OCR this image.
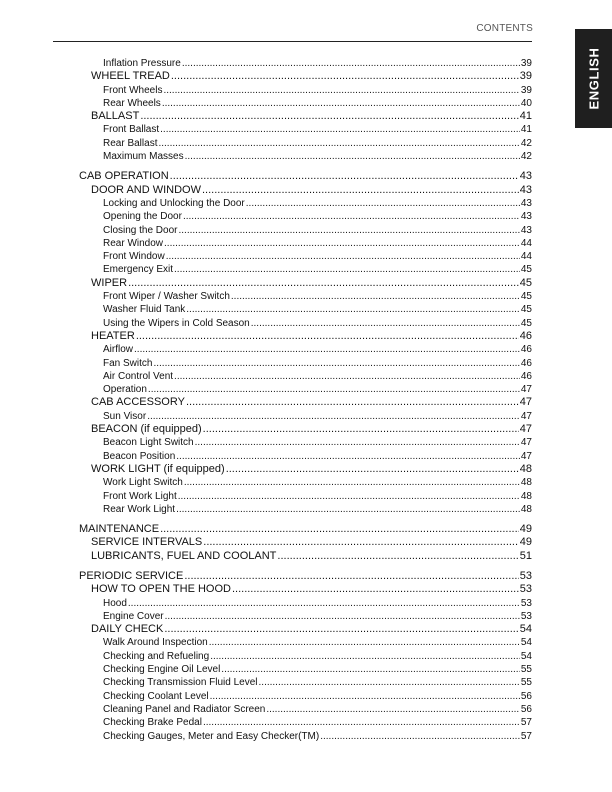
CONTENTS
ENGLISH
Inflation Pressure .....	39
WHEEL TREAD .....	39
Front Wheels .....	39
Rear Wheels .....	40
BALLAST .....	41
Front Ballast .....	41
Rear Ballast .....	42
Maximum Masses .....	42
CAB OPERATION .....	43
DOOR AND WINDOW .....	43
Locking and Unlocking the Door .....	43
Opening the Door .....	43
Closing the Door .....	43
Rear Window .....	44
Front Window .....	44
Emergency Exit .....	45
WIPER .....	45
Front Wiper / Washer Switch .....	45
Washer Fluid Tank .....	45
Using the Wipers in Cold Season .....	45
HEATER .....	46
Airflow .....	46
Fan Switch .....	46
Air Control Vent .....	46
Operation .....	47
CAB ACCESSORY .....	47
Sun Visor .....	47
BEACON (if equipped) .....	47
Beacon Light Switch .....	47
Beacon Position .....	47
WORK LIGHT (if equipped) .....	48
Work Light Switch .....	48
Front Work Light .....	48
Rear Work Light .....	48
MAINTENANCE .....	49
SERVICE INTERVALS .....	49
LUBRICANTS, FUEL AND COOLANT .....	51
PERIODIC SERVICE .....	53
HOW TO OPEN THE HOOD .....	53
Hood .....	53
Engine Cover .....	53
DAILY CHECK .....	54
Walk Around Inspection .....	54
Checking and Refueling .....	54
Checking Engine Oil Level .....	55
Checking Transmission Fluid Level .....	55
Checking Coolant Level .....	56
Cleaning Panel and Radiator Screen .....	56
Checking Brake Pedal .....	57
Checking Gauges, Meter and Easy Checker(TM) .....	57
